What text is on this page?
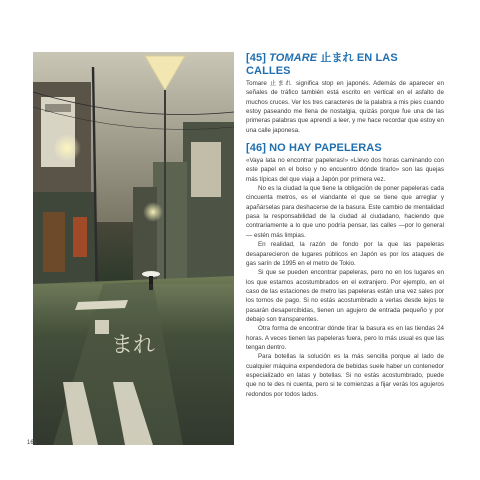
まれ
<< En el asfalto está escrita la palabra 止まれ en vertical, para que sea fácil de leer desde lejos conforme te acercas con el coche.
[45] TOMARE 止まれ EN LAS CALLES

Tomare 止まれ significa stop en japonés. Además de aparecer en señales de tráfico también está escrito en vertical en el asfalto de muchos cruces. Ver los tres caracteres de la palabra a mis pies cuando estoy paseando me llena de nostalgia, quizás porque fue una de las primeras palabras que aprendí a leer, y me hace recordar que estoy en una calle japonesa.

[46] NO HAY PAPELERAS

«Vaya lata no encontrar papeleras!» «Llevo dos horas caminando con este papel en el bolso y no encuentro dónde tirarlo» son las quejas más típicas del que viaja a Japón por primera vez.

No es la ciudad la que tiene la obligación de poner papeleras cada cincuenta metros, es el viandante el que se tiene que arreglar y apañárselas para deshacerse de la basura. Este cambio de mentalidad pasa la responsabilidad de la ciudad al ciudadano, haciendo que contrariamente a lo que uno podría pensar, las calles —por lo general— estén más limpias.

En realidad, la razón de fondo por la que las papeleras desaparecieron de lugares públicos en Japón es por los ataques de gas sarín de 1995 en el metro de Tokio.

Si que se pueden encontrar papeleras, pero no en los lugares en los que estamos acostumbrados en el extranjero. Por ejemplo, en el caso de las estaciones de metro las papeleras están una vez sales por los tornos de pago. Si no estás acostumbrado a verlas desde lejos te pasarán desapercibidas, tienen un agujero de entrada pequeño y por debajo son transparentes.

Otra forma de encontrar dónde tirar la basura es en las tiendas 24 horas. A veces tienen las papeleras fuera, pero lo más usual es que las tengan dentro.

Para botellas la solución es la más sencilla porque al lado de cualquier máquina expendedora de bebidas suele haber un contenedor especializado en latas y botellas. Si no estás acostumbrado, puede que no te des ni cuenta, pero si te comienzas a fijar verás los agujeros redondos por todos lados.

166
